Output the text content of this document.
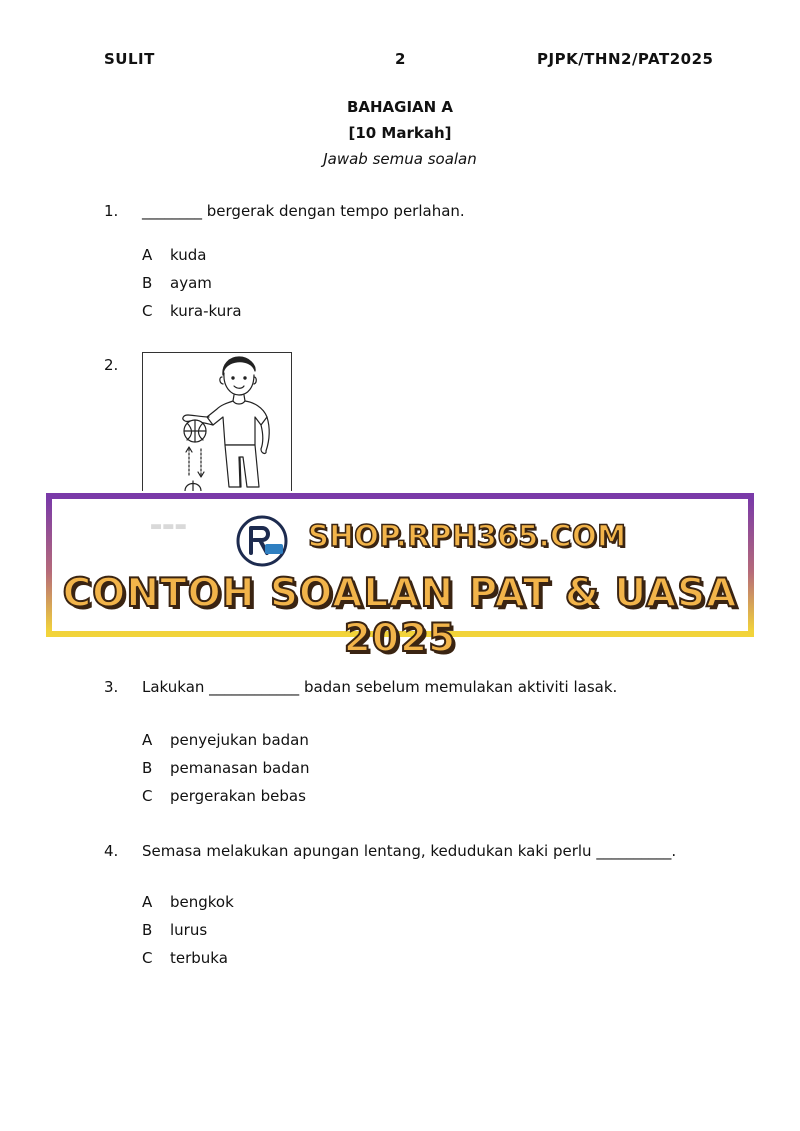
SULIT	2	PJPK/THN2/PAT2025
BAHAGIAN A
[10 Markah]
Jawab semua soalan
1. ________ bergerak dengan tempo perlahan.
A kuda
B ayam
C kura-kura
2.
▬▬▬	SHOP.RPH365.COM
CONTOH SOALAN PAT & UASA 2025
3. Lakukan ____________ badan sebelum memulakan aktiviti lasak.
A penyejukan badan
B pemanasan badan
C pergerakan bebas
4. Semasa melakukan apungan lentang, kedudukan kaki perlu __________.
A bengkok
B lurus
C terbuka
